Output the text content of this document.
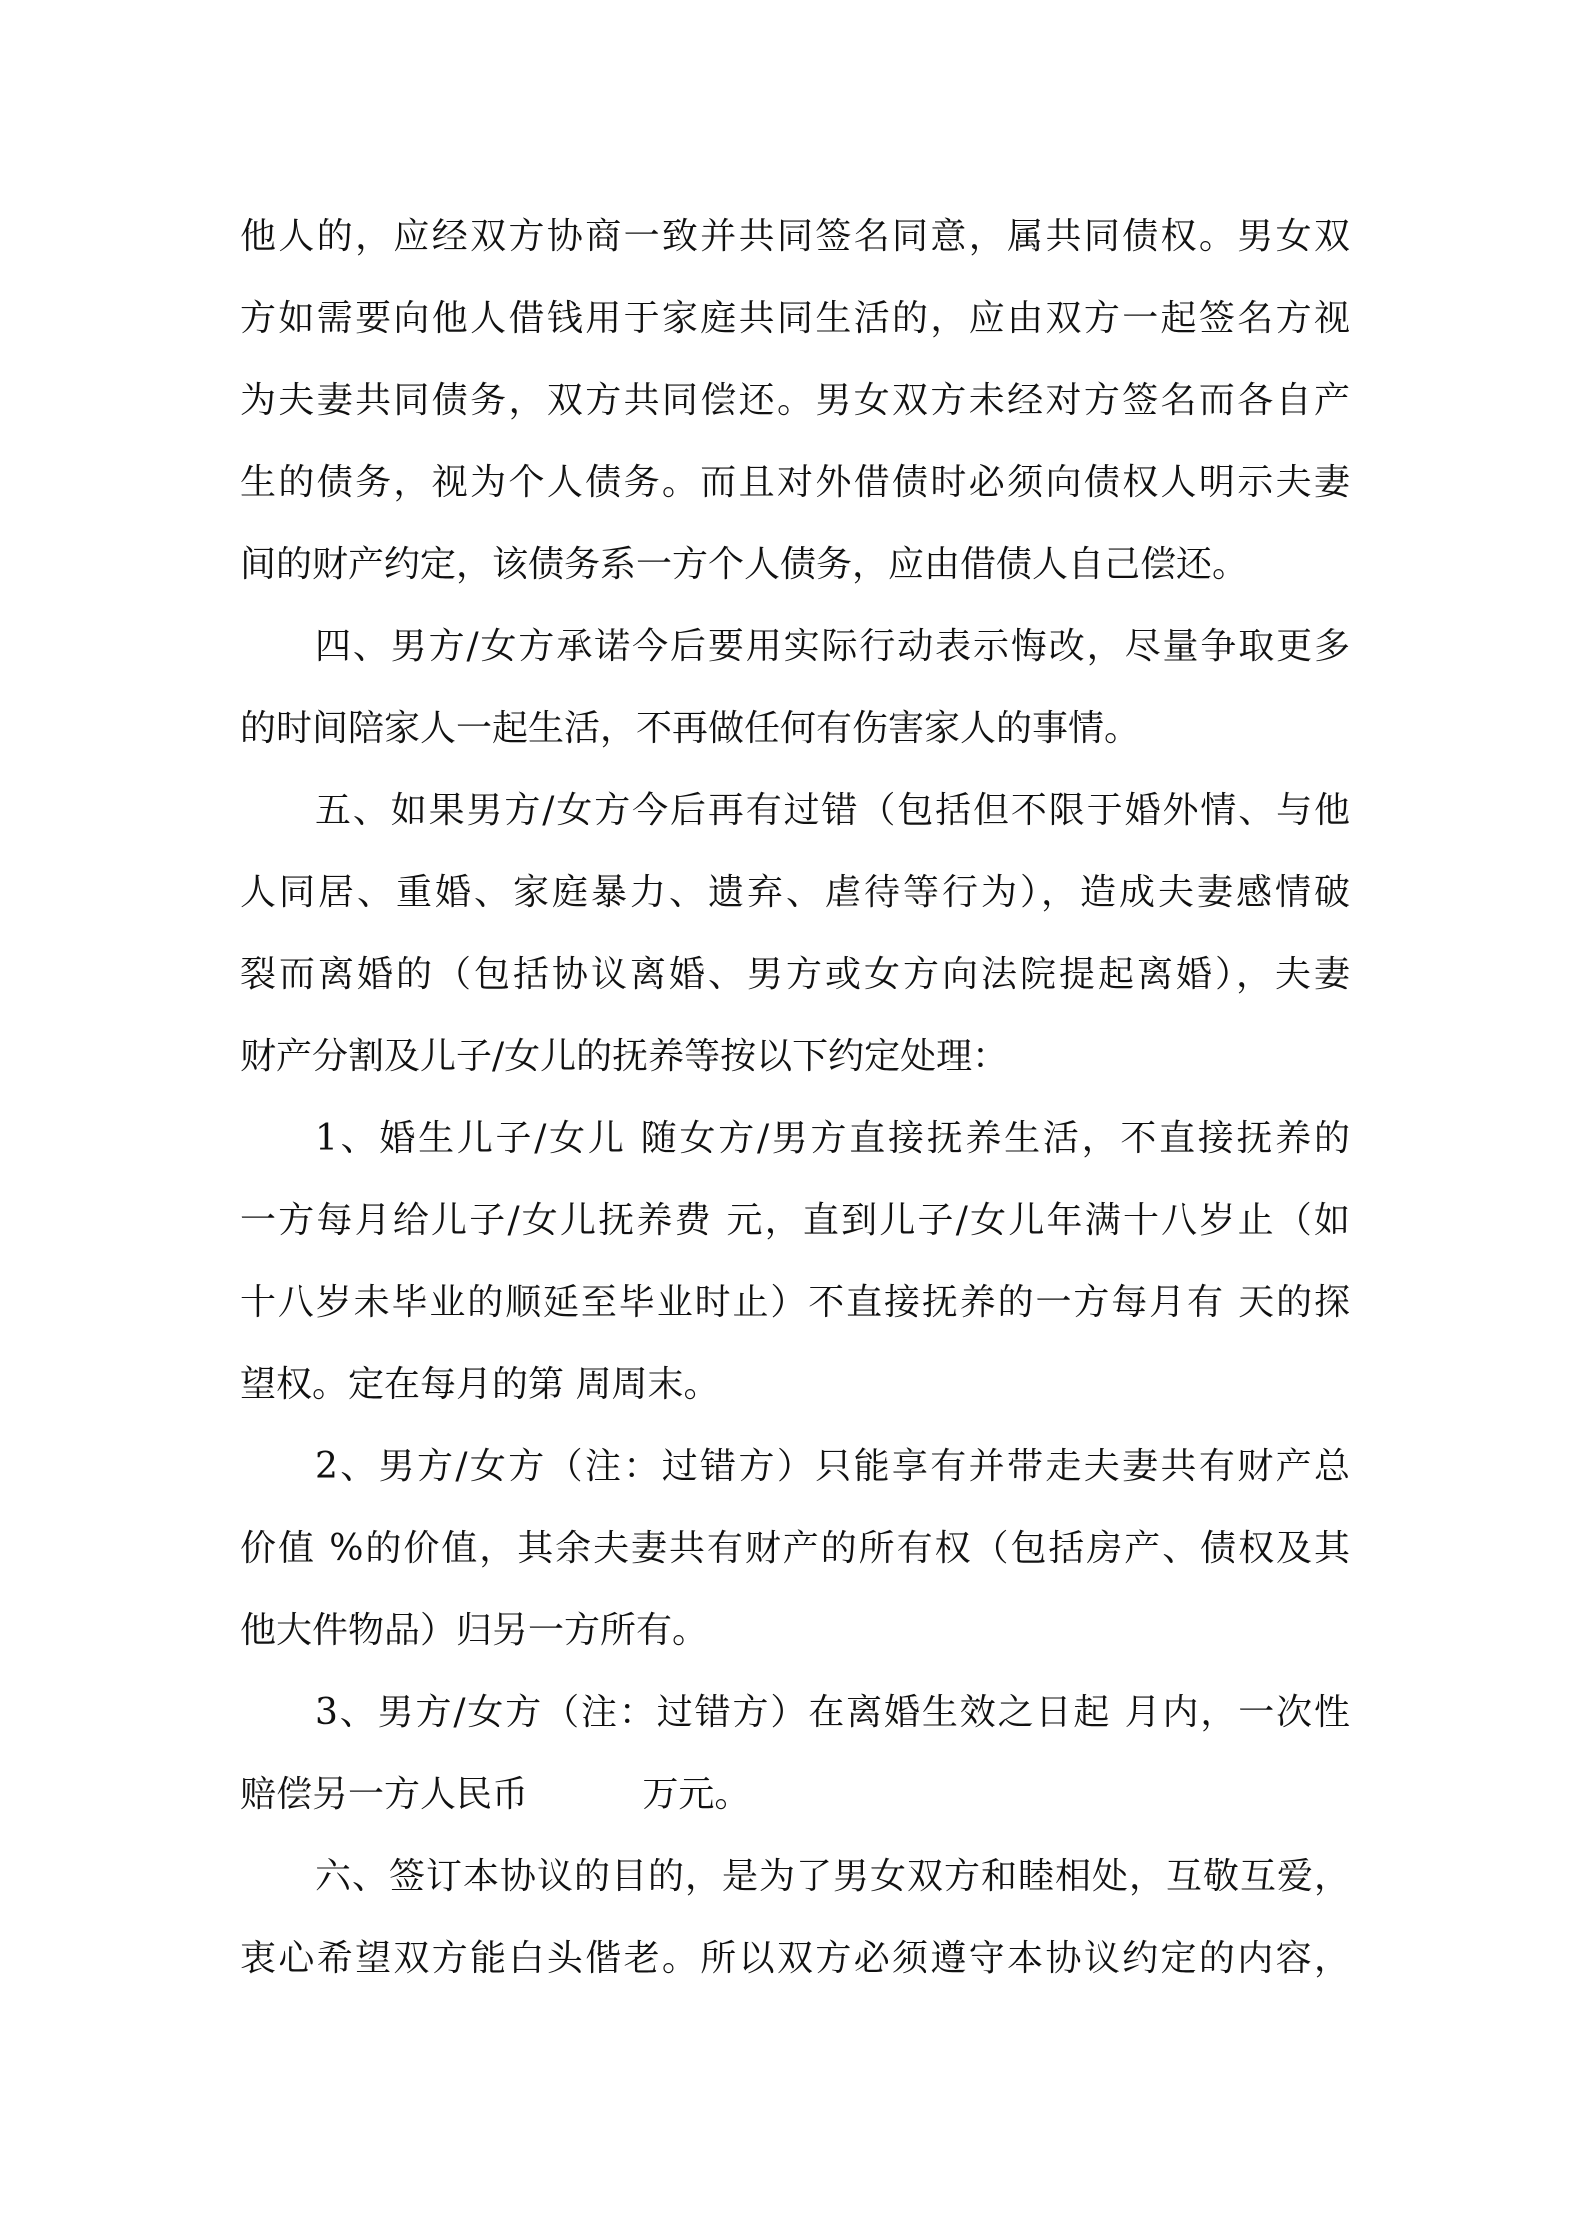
他人的，应经双方协商一致并共同签名同意，属共同债权。男女双
方如需要向他人借钱用于家庭共同生活的，应由双方一起签名方视
为夫妻共同债务，双方共同偿还。男女双方未经对方签名而各自产
生的债务，视为个人债务。而且对外借债时必须向债权人明示夫妻
间的财产约定，该债务系一方个人债务，应由借债人自己偿还。
四、男方/女方承诺今后要用实际行动表示悔改，尽量争取更多
的时间陪家人一起生活，不再做任何有伤害家人的事情。
五、如果男方/女方今后再有过错（包括但不限于婚外情、与他
人同居、重婚、家庭暴力、遗弃、虐待等行为），造成夫妻感情破
裂而离婚的（包括协议离婚、男方或女方向法院提起离婚），夫妻
财产分割及儿子/女儿的抚养等按以下约定处理：
1、婚生儿子/女儿 随女方/男方直接抚养生活，不直接抚养的
一方每月给儿子/女儿抚养费 元，直到儿子/女儿年满十八岁止（如
十八岁未毕业的顺延至毕业时止）不直接抚养的一方每月有 天的探
望权。定在每月的第 周周末。
2、男方/女方（注：过错方）只能享有并带走夫妻共有财产总
价值 %的价值，其余夫妻共有财产的所有权（包括房产、债权及其
他大件物品）归另一方所有。
3、男方/女方（注：过错方）在离婚生效之日起 月内，一次性
赔偿另一方人民币          万元。
六、签订本协议的目的，是为了男女双方和睦相处，互敬互爱，
衷心希望双方能白头偕老。所以双方必须遵守本协议约定的内容，
